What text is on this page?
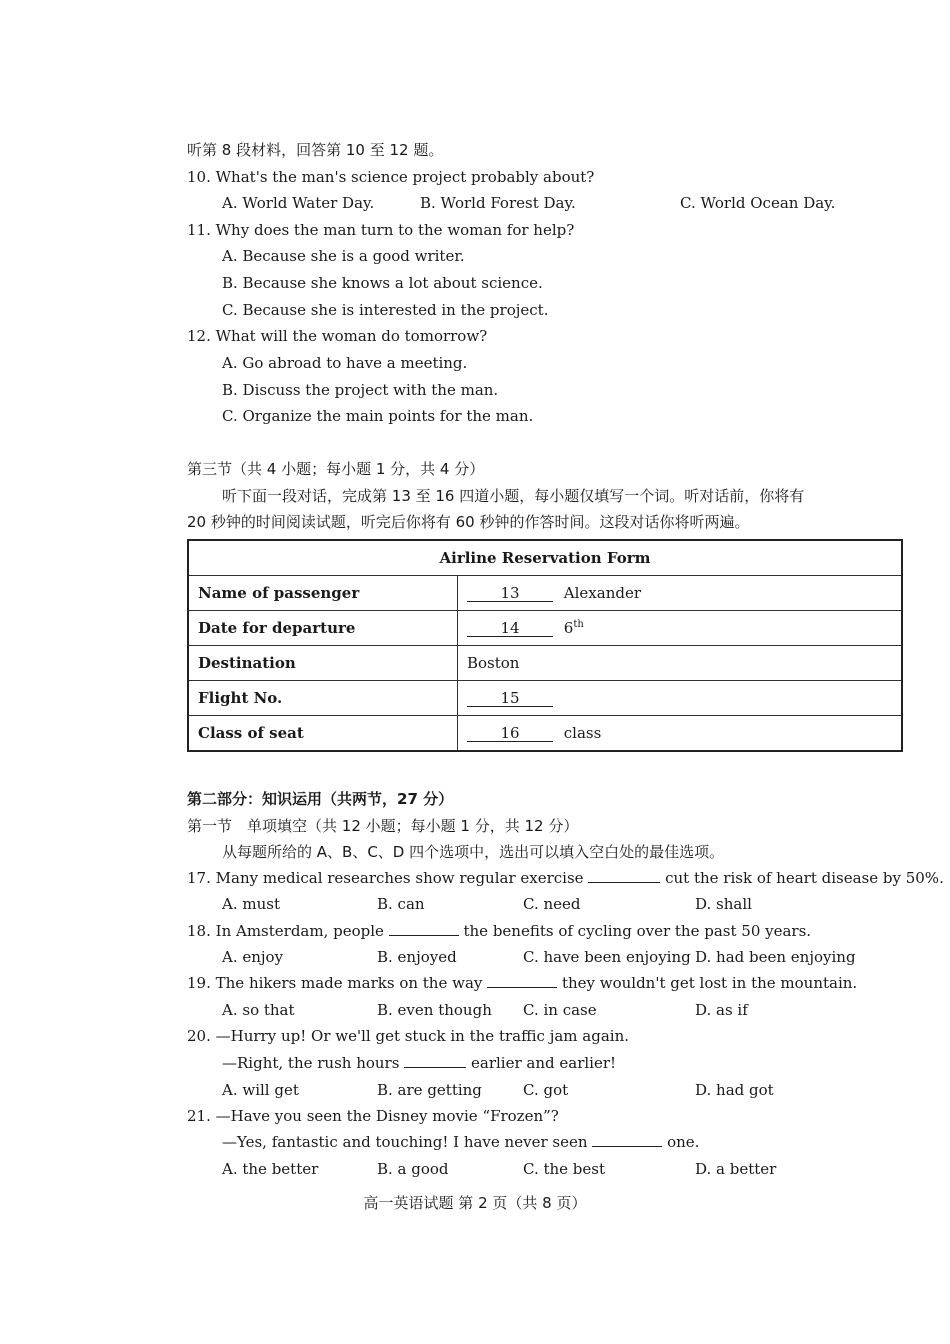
听第 8 段材料，回答第 10 至 12 题。
10. What's the man's science project probably about?
A. World Water Day.	B. World Forest Day.	C. World Ocean Day.
11. Why does the man turn to the woman for help?
A. Because she is a good writer.
B. Because she knows a lot about science.
C. Because she is interested in the project.
12. What will the woman do tomorrow?
A. Go abroad to have a meeting.
B. Discuss the project with the man.
C. Organize the main points for the man.
第三节（共 4 小题；每小题 1 分，共 4 分）
听下面一段对话，完成第 13 至 16 四道小题，每小题仅填写一个词。听对话前，你将有
20 秒钟的时间阅读试题，听完后你将有 60 秒钟的作答时间。这段对话你将听两遍。
Airline Reservation Form	
Name of passenger	13 Alexander
Date for departure	14 6th
Destination	Boston
Flight No.	15
Class of seat	16 class
第二部分：知识运用（共两节，27 分）
第一节　单项填空（共 12 小题；每小题 1 分，共 12 分）
从每题所给的 A、B、C、D 四个选项中，选出可以填入空白处的最佳选项。
17. Many medical researches show regular exercise	cut the risk of heart disease by 50%.
A. must	B. can	C. need	D. shall
18. In Amsterdam, people	the benefits of cycling over the past 50 years.
A. enjoy	B. enjoyed	C. have been enjoying D. had been enjoying
19. The hikers made marks on the way	they wouldn't get lost in the mountain.
A. so that	B. even though C. in case	D. as if
20. —Hurry up! Or we'll get stuck in the traffic jam again.
—Right, the rush hours	earlier and earlier!
A. will get	B. are getting	C. got	D. had got
21. —Have you seen the Disney movie “Frozen”?
—Yes, fantastic and touching! I have never seen	one.
A. the better	B. a good	C. the best	D. a better
高一英语试题 第 2 页（共 8 页）
